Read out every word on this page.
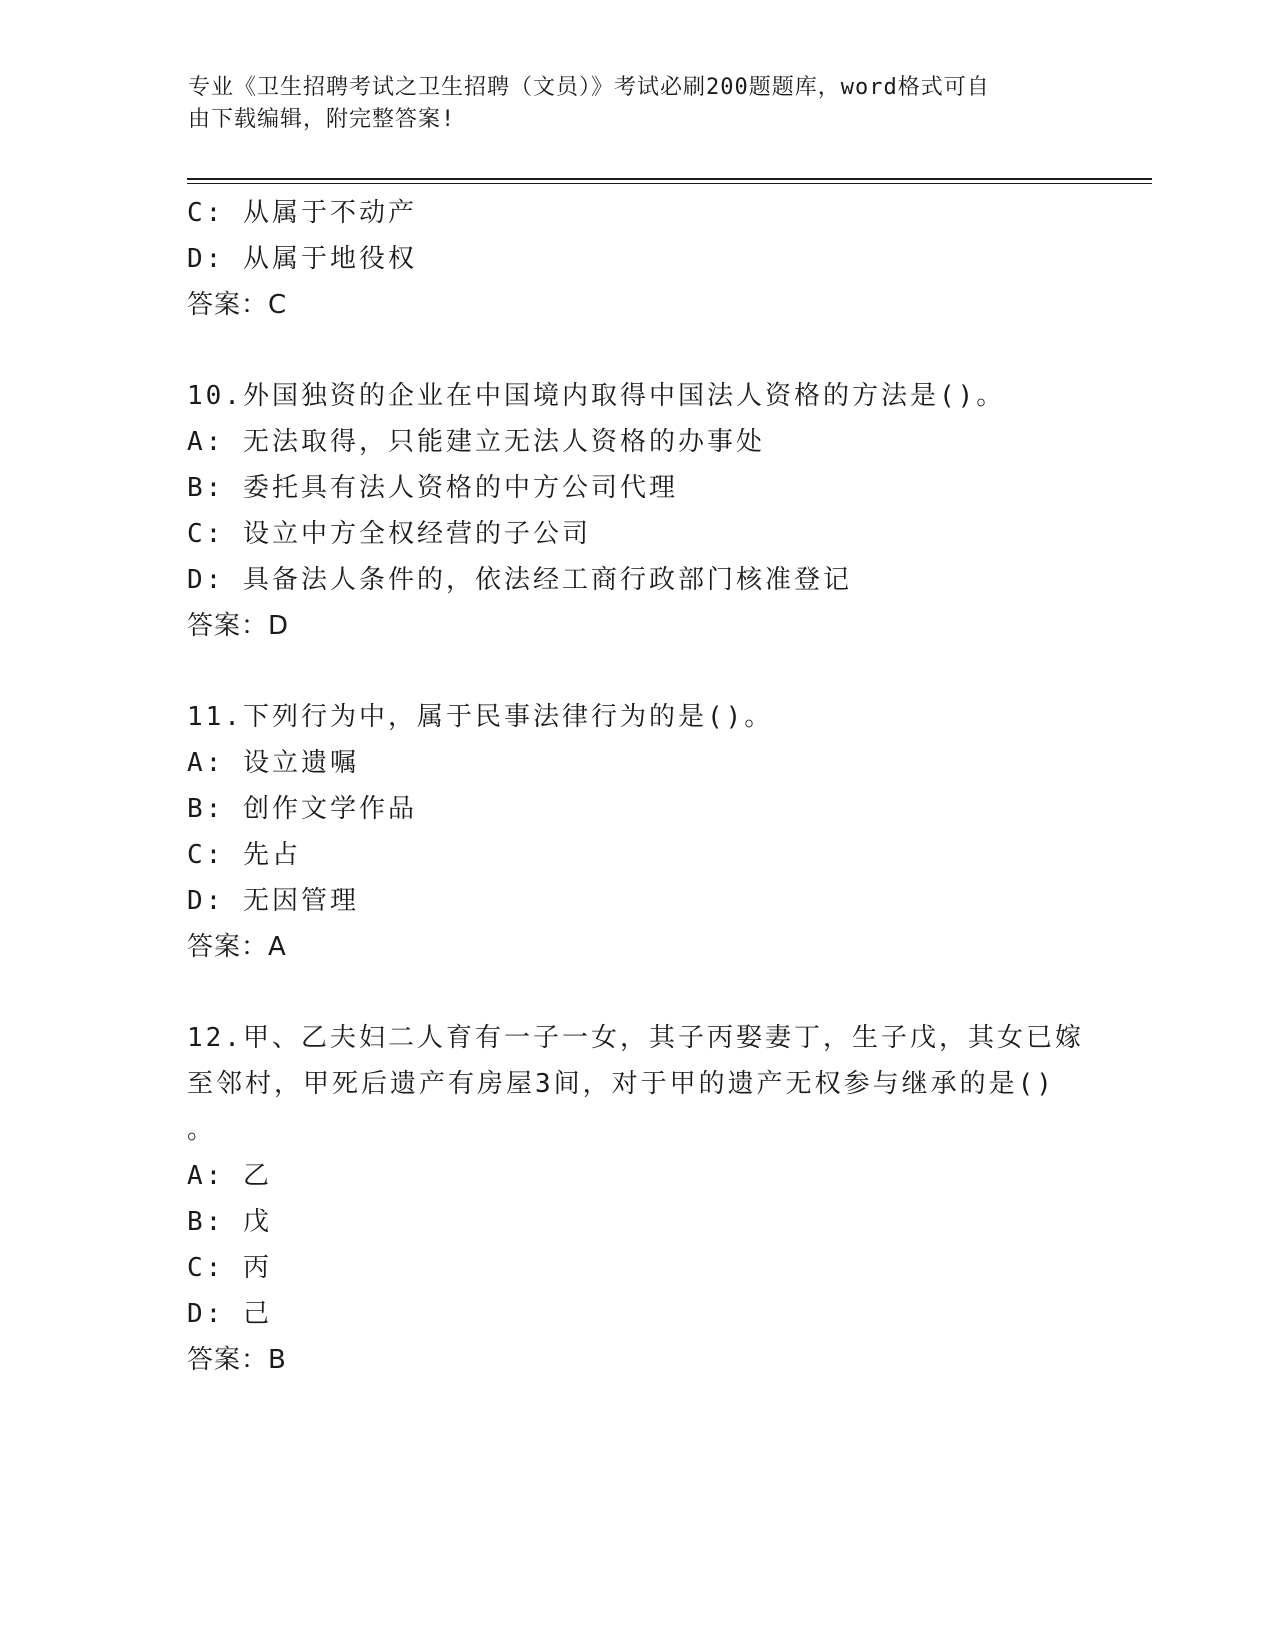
专业《卫生招聘考试之卫生招聘（文员）》考试必刷200题题库，word格式可自
由下载编辑，附完整答案!
C: 从属于不动产
D: 从属于地役权
答案：C
10.外国独资的企业在中国境内取得中国法人资格的方法是()。
A: 无法取得，只能建立无法人资格的办事处
B: 委托具有法人资格的中方公司代理
C: 设立中方全权经营的子公司
D: 具备法人条件的，依法经工商行政部门核准登记
答案：D
11.下列行为中，属于民事法律行为的是()。
A: 设立遗嘱
B: 创作文学作品
C: 先占
D: 无因管理
答案：A
12.甲、乙夫妇二人育有一子一女，其子丙娶妻丁，生子戊，其女已嫁
至邻村，甲死后遗产有房屋3间，对于甲的遗产无权参与继承的是()
。
A: 乙
B: 戊
C: 丙
D: 己
答案：B
